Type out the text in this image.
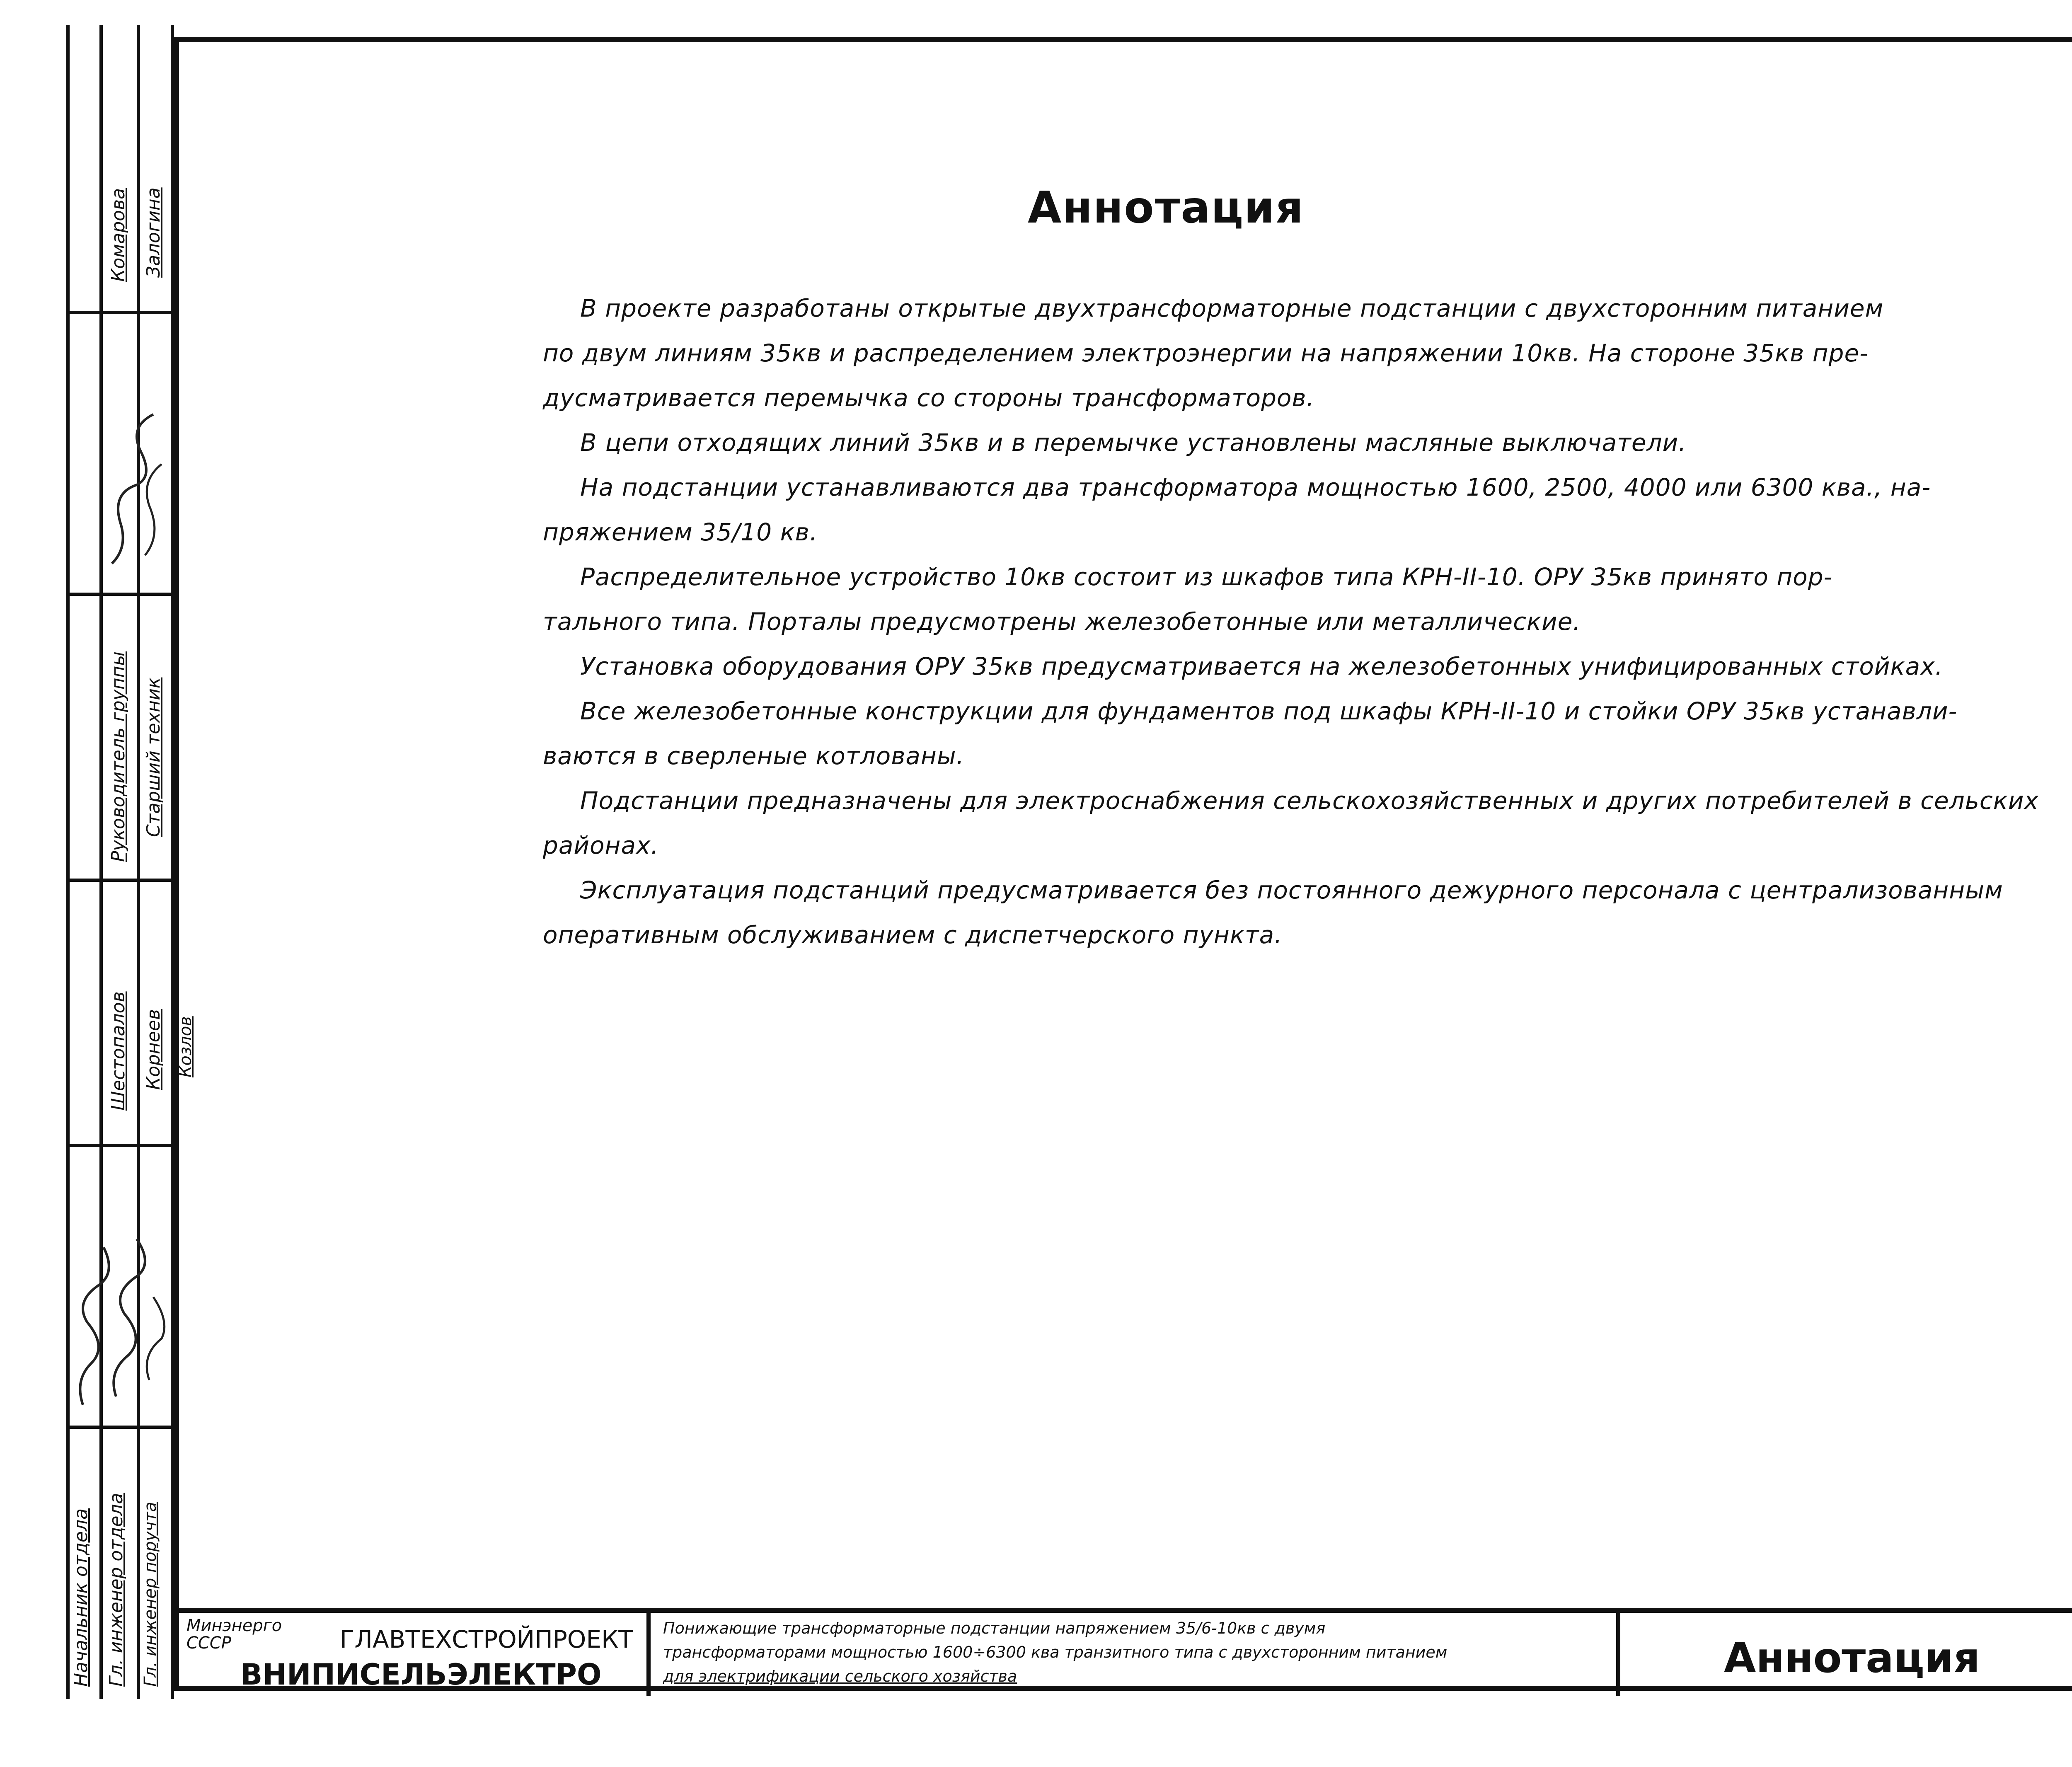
Комарова Залогина
Руководитель группы Старший техник
Шестопалов Корнеев Козлов
Начальник отдела Гл. инженер отдела Гл. инженер поручта
Аннотация
В проекте разработаны открытые двухтрансформаторные подстанции с двухсторонним питанием
по двум линиям 35кв и распределением электроэнергии на напряжении 10кв. На стороне 35кв пре-
дусматривается перемычка со стороны трансформаторов.
В цепи отходящих линий 35кв и в перемычке установлены масляные выключатели.
На подстанции устанавливаются два трансформатора мощностью 1600, 2500, 4000 или 6300 ква., на-
пряжением 35/10 кв.
Распределительное устройство 10кв состоит из шкафов типа КРН-II-10. ОРУ 35кв принято пор-
тального типа. Порталы предусмотрены железобетонные или металлические.
Установка оборудования ОРУ 35кв предусматривается на железобетонных унифицированных стойках.
Все железобетонные конструкции для фундаментов под шкафы КРН-II-10 и стойки ОРУ 35кв устанавли-
ваются в сверленые котлованы.
Подстанции предназначены для электроснабжения сельскохозяйственных и других потребителей в сельских
районах.
Эксплуатация подстанций предусматривается без постоянного дежурного персонала с централизованным
оперативным обслуживанием с диспетчерского пункта.
Минэнерго СССР	ГЛАВТЕХСТРОЙПРОЕКТ
ВНИПИСЕЛЬЭЛЕКТРО
Понижающие трансформаторные подстанции напряжением 35/6-10кв с двумя
трансформаторами мощностью 1600÷6300 ква транзитного типа с двухсторонним питанием
для электрификации сельского хозяйства	Аннотация
